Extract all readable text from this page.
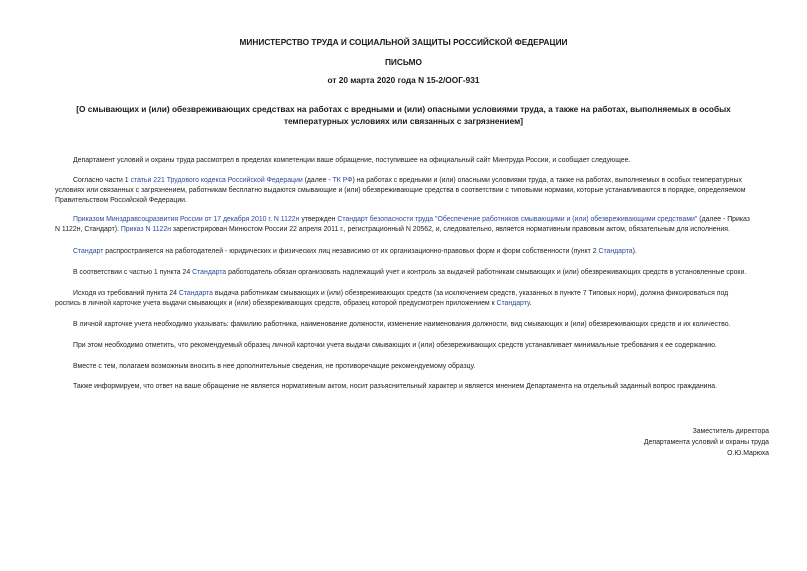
МИНИСТЕРСТВО ТРУДА И СОЦИАЛЬНОЙ ЗАЩИТЫ РОССИЙСКОЙ ФЕДЕРАЦИИ
ПИСЬМО
от 20 марта 2020 года N 15-2/ООГ-931
[О смывающих и (или) обезвреживающих средствах на работах с вредными и (или) опасными условиями труда, а также на работах, выполняемых в особых температурных условиях или связанных с загрязнением]
Департамент условий и охраны труда рассмотрел в пределах компетенции ваше обращение, поступившее на официальный сайт Минтруда России, и сообщает следующее.
Согласно части 1 статьи 221 Трудового кодекса Российской Федерации (далее - ТК РФ) на работах с вредными и (или) опасными условиями труда, а также на работах, выполняемых в особых температурных условиях или связанных с загрязнением, работникам бесплатно выдаются смывающие и (или) обезвреживающие средства в соответствии с типовыми нормами, которые устанавливаются в порядке, определяемом Правительством Российской Федерации.
Приказом Минздравсоцразвития России от 17 декабря 2010 г. N 1122н утвержден Стандарт безопасности труда "Обеспечение работников смывающими и (или) обезвреживающими средствами" (далее - Приказ N 1122н, Стандарт). Приказ N 1122н зарегистрирован Минюстом России 22 апреля 2011 г., регистрационный N 20562, и, следовательно, является нормативным правовым актом, обязательным для исполнения.
Стандарт распространяется на работодателей - юридических и физических лиц независимо от их организационно-правовых форм и форм собственности (пункт 2 Стандарта).
В соответствии с частью 1 пункта 24 Стандарта работодатель обязан организовать надлежащий учет и контроль за выдачей работникам смывающих и (или) обезвреживающих средств в установленные сроки.
Исходя из требований пункта 24 Стандарта выдача работникам смывающих и (или) обезвреживающих средств (за исключением средств, указанных в пункте 7 Типовых норм), должна фиксироваться под роспись в личной карточке учета выдачи смывающих и (или) обезвреживающих средств, образец которой предусмотрен приложением к Стандарту.
В личной карточке учета необходимо указывать: фамилию работника, наименование должности, изменение наименования должности, вид смывающих и (или) обезвреживающих средств и их количество.
При этом необходимо отметить, что рекомендуемый образец личной карточки учета выдачи смывающих и (или) обезвреживающих средств устанавливает минимальные требования к ее содержанию.
Вместе с тем, полагаем возможным вносить в нее дополнительные сведения, не противоречащие рекомендуемому образцу.
Также информируем, что ответ на ваше обращение не является нормативным актом, носит разъяснительный характер и является мнением Департамента на отдельный заданный вопрос гражданина.
Заместитель директора
Департамента условий и охраны труда
О.Ю.Марюха
